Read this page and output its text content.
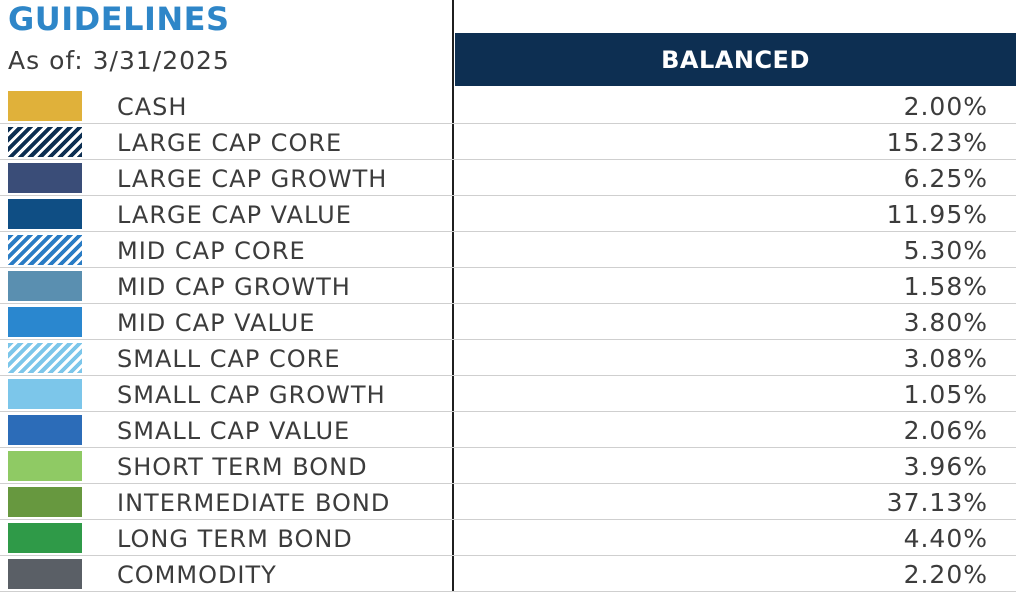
GUIDELINES
As of: 3/31/2025	BALANCED
CASH	2.00%
LARGE CAP CORE	15.23%
LARGE CAP GROWTH	6.25%
LARGE CAP VALUE	11.95%
MID CAP CORE	5.30%
MID CAP GROWTH	1.58%
MID CAP VALUE	3.80%
SMALL CAP CORE	3.08%
SMALL CAP GROWTH	1.05%
SMALL CAP VALUE	2.06%
SHORT TERM BOND	3.96%
INTERMEDIATE BOND	37.13%
LONG TERM BOND	4.40%
COMMODITY	2.20%
